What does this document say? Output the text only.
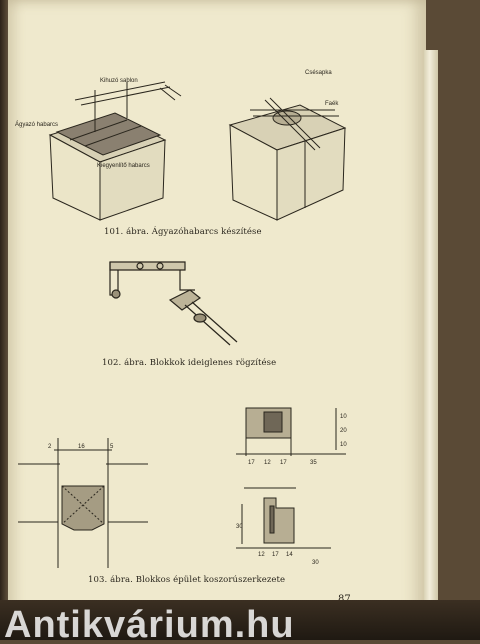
Ágyazó habarcs
Kihuzó sablon
Kiegyenlítő habarcs
Csésapka
Faék
101. ábra. Ágyazóhabarcs készítése
102. ábra. Blokkok ideiglenes rögzítése
2	16	5
17 12 17	35
10
20
10
30
12 17 14
30
103. ábra. Blokkos épület koszorúszerkezete
Antikvárium.hu
